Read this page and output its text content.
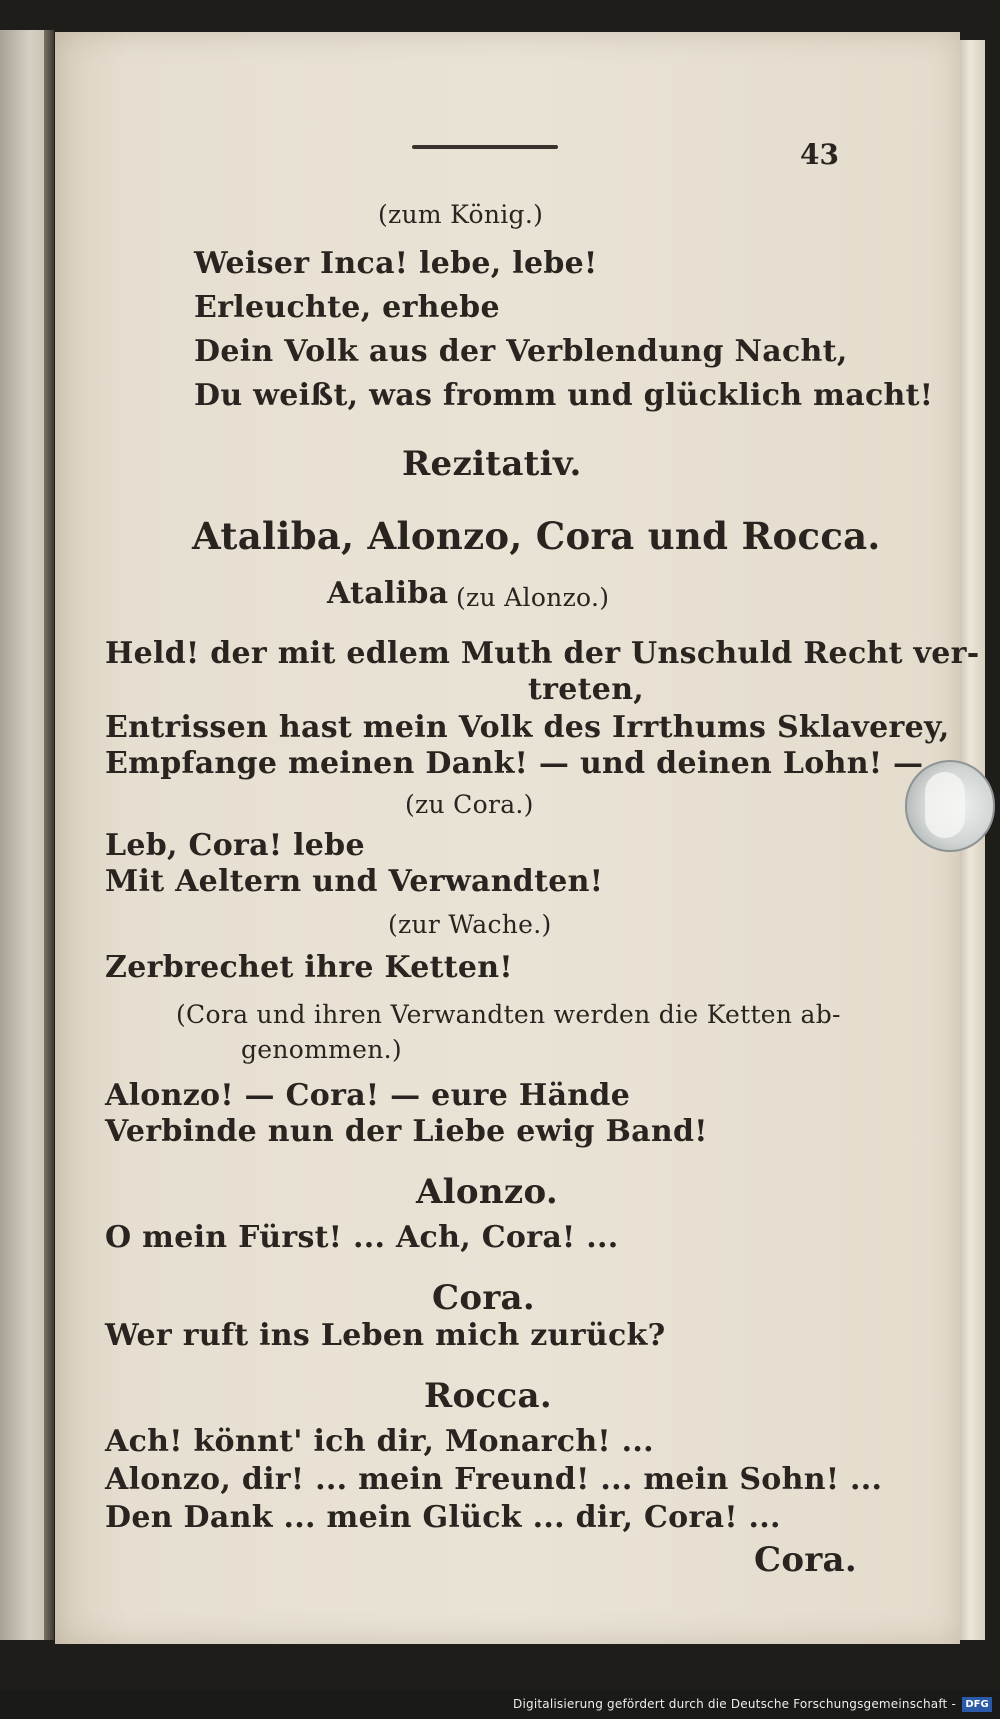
43
(zum König.)
Weiser Inca! lebe, lebe!
Erleuchte, erhebe
Dein Volk aus der Verblendung Nacht,
Du weißt, was fromm und glücklich macht!
Rezitativ.
Ataliba, Alonzo, Cora und Rocca.
Ataliba (zu Alonzo.)
Held! der mit edlem Muth der Unschuld Recht ver-
treten,
Entrissen hast mein Volk des Irrthums Sklaverey,
Empfange meinen Dank! — und deinen Lohn! —
(zu Cora.)
Leb, Cora! lebe
Mit Aeltern und Verwandten!
(zur Wache.)
Zerbrechet ihre Ketten!
(Cora und ihren Verwandten werden die Ketten ab-
genommen.)
Alonzo! — Cora! — eure Hände
Verbinde nun der Liebe ewig Band!
Alonzo.
O mein Fürst! ... Ach, Cora! ...
Cora.
Wer ruft ins Leben mich zurück?
Rocca.
Ach! könnt' ich dir, Monarch! ...
Alonzo, dir! ... mein Freund! ... mein Sohn! ...
Den Dank ... mein Glück ... dir, Cora! ...
Cora.
Digitalisierung gefördert durch die Deutsche Forschungsgemeinschaft - DFG
